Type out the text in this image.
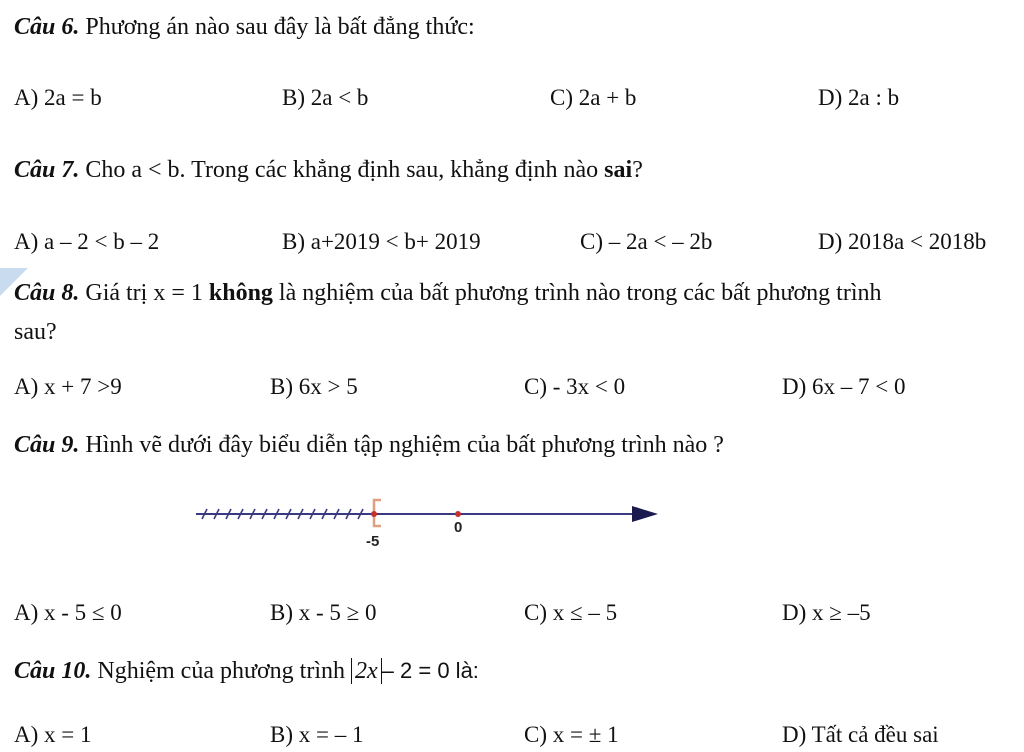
Câu 6. Phương án nào sau đây là bất đẳng thức:
A) 2a = b	B) 2a < b	C) 2a + b	D) 2a : b
Câu 7. Cho a < b. Trong các khẳng định sau, khẳng định nào sai?
A) a – 2 < b – 2	B) a+2019 < b+ 2019	C) – 2a < – 2b	D) 2018a < 2018b
Câu 8. Giá trị x = 1 không là nghiệm của bất phương trình nào trong các bất phương trình
sau?
A) x + 7 >9	B) 6x > 5	C) - 3x < 0	D) 6x – 7 < 0
Câu 9. Hình vẽ dưới đây biểu diễn tập nghiệm của bất phương trình nào ?
-5
0
A) x - 5 ≤ 0	B) x - 5 ≥ 0	C) x ≤ – 5	D) x ≥ –5
Câu 10. Nghiệm của phương trình 2x – 2 = 0 là:
A) x = 1	B) x = – 1	C) x = ± 1	D) Tất cả đều sai
